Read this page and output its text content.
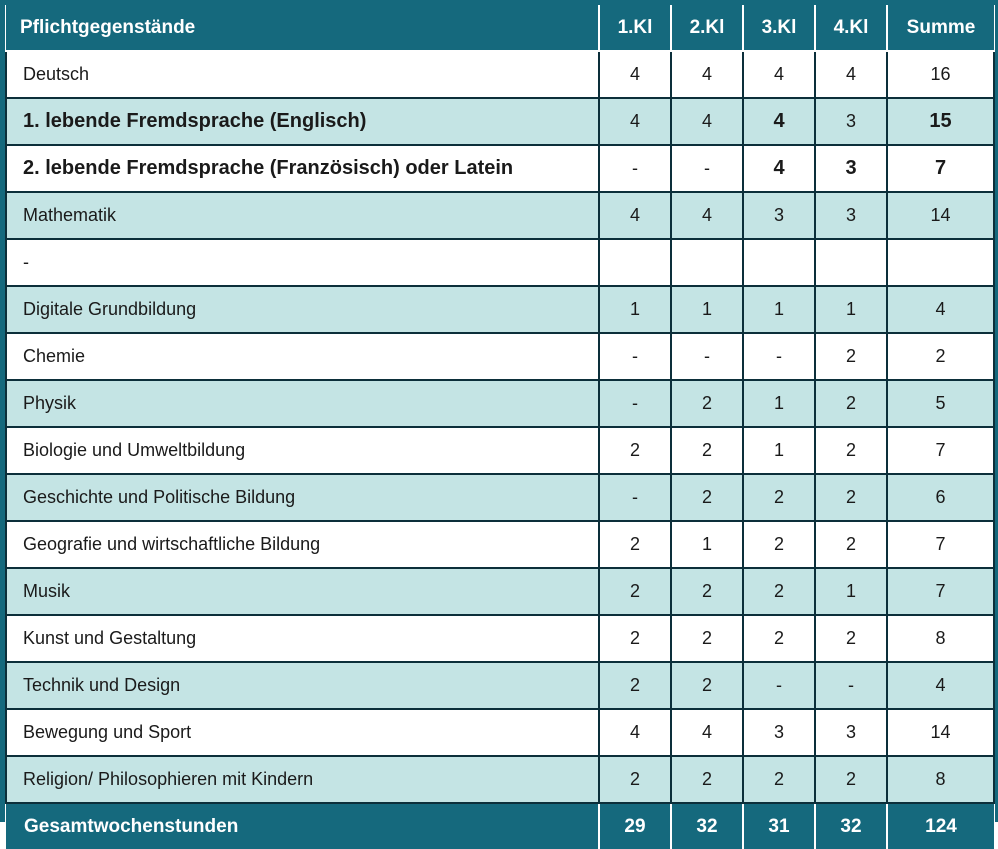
Pflichtgegenstände	1.Kl	2.Kl	3.Kl	4.Kl	Summe
Deutsch	4	4	4	4	16
1. lebende Fremdsprache (Englisch)	4	4	4	3	15
2. lebende Fremdsprache (Französisch) oder Latein	-	-	4	3	7
Mathematik	4	4	3	3	14
-					
Digitale Grundbildung	1	1	1	1	4
Chemie	-	-	-	2	2
Physik	-	2	1	2	5
Biologie und Umweltbildung	2	2	1	2	7
Geschichte und Politische Bildung	-	2	2	2	6
Geografie und wirtschaftliche Bildung	2	1	2	2	7
Musik	2	2	2	1	7
Kunst und Gestaltung	2	2	2	2	8
Technik und Design	2	2	-	-	4
Bewegung und Sport	4	4	3	3	14
Religion/ Philosophieren mit Kindern	2	2	2	2	8
Gesamtwochenstunden	29	32	31	32	124
